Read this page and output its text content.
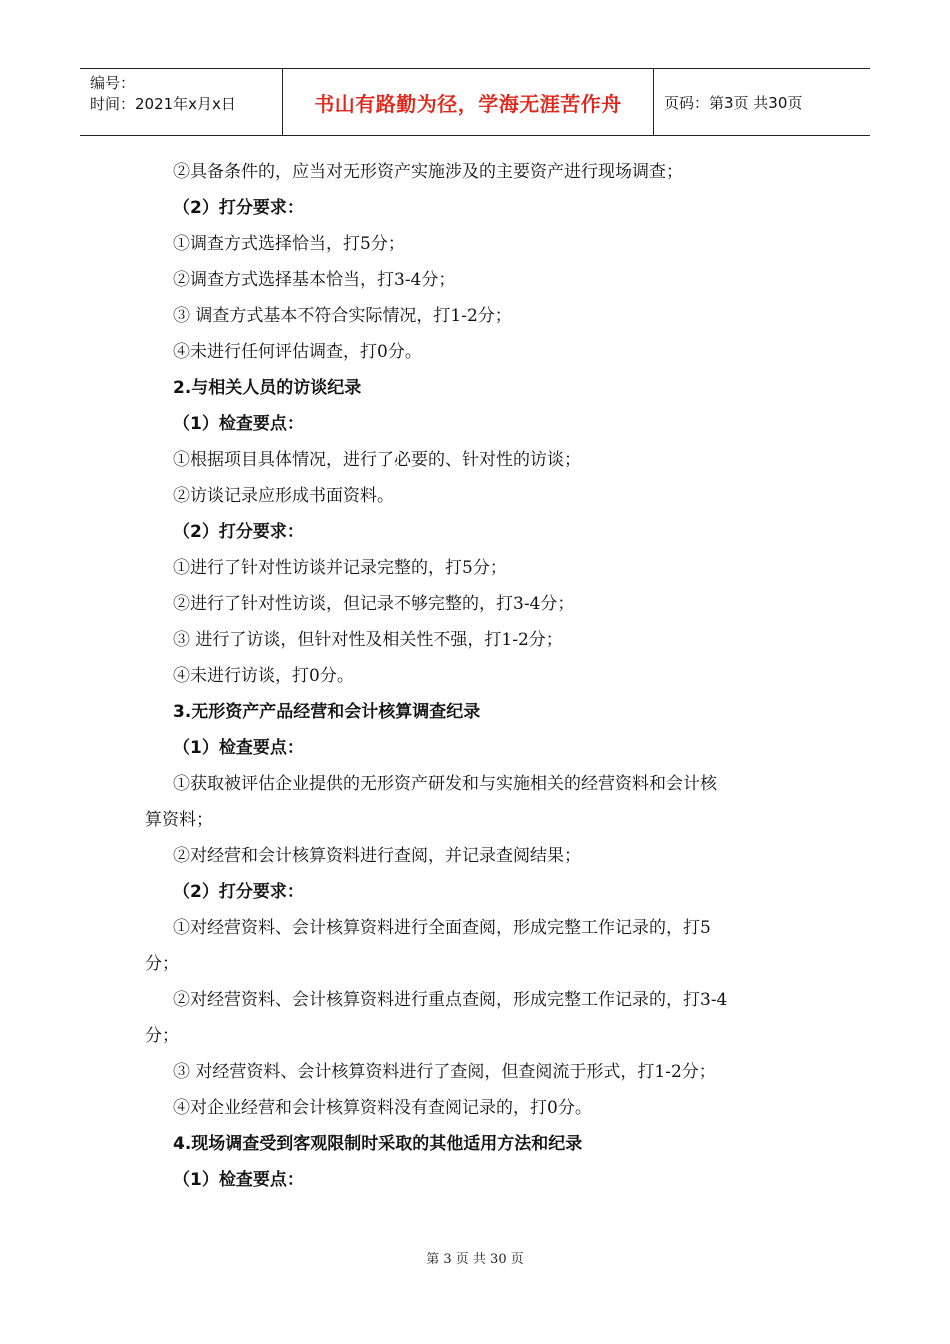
编号：
时间：2021年x月x日	书山有路勤为径，学海无涯苦作舟	页码：第3页 共30页
②具备条件的，应当对无形资产实施涉及的主要资产进行现场调查；
（2）打分要求：
①调查方式选择恰当，打5分；
②调查方式选择基本恰当，打3-4分；
③ 调查方式基本不符合实际情况，打1-2分；
④未进行任何评估调查，打0分。
2.与相关人员的访谈纪录
（1）检查要点：
①根据项目具体情况，进行了必要的、针对性的访谈；
②访谈记录应形成书面资料。
（2）打分要求：
①进行了针对性访谈并记录完整的，打5分；
②进行了针对性访谈，但记录不够完整的，打3-4分；
③ 进行了访谈，但针对性及相关性不强，打1-2分；
④未进行访谈，打0分。
3.无形资产产品经营和会计核算调查纪录
（1）检查要点：
①获取被评估企业提供的无形资产研发和与实施相关的经营资料和会计核
算资料；
②对经营和会计核算资料进行查阅，并记录查阅结果；
（2）打分要求：
①对经营资料、会计核算资料进行全面查阅，形成完整工作记录的，打5
分；
②对经营资料、会计核算资料进行重点查阅，形成完整工作记录的，打3-4
分；
③ 对经营资料、会计核算资料进行了查阅，但查阅流于形式，打1-2分；
④对企业经营和会计核算资料没有查阅记录的，打0分。
4.现场调查受到客观限制时采取的其他适用方法和纪录
（1）检查要点：
第 3 页 共 30 页
